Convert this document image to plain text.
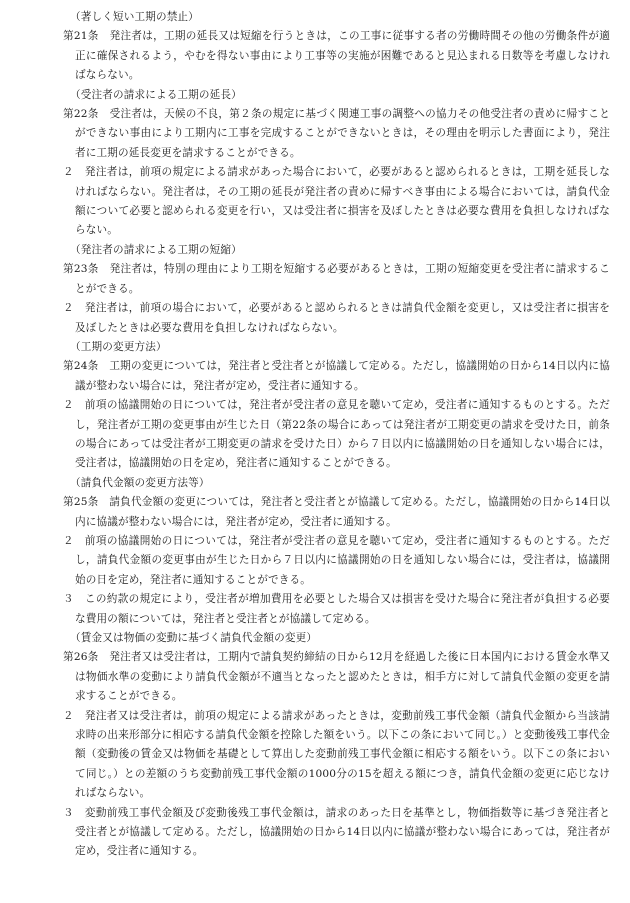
（著しく短い工期の禁止）
第21条　発注者は，工期の延長又は短縮を行うときは，この工事に従事する者の労働時間その他の労働条件が適正に確保されるよう，やむを得ない事由により工事等の実施が困難であると見込まれる日数等を考慮しなければならない。
（受注者の請求による工期の延長）
第22条　受注者は，天候の不良，第２条の規定に基づく関連工事の調整への協力その他受注者の責めに帰すことができない事由により工期内に工事を完成することができないときは，その理由を明示した書面により，発注者に工期の延長変更を請求することができる。
２　発注者は，前項の規定による請求があった場合において，必要があると認められるときは，工期を延長しなければならない。発注者は，その工期の延長が発注者の責めに帰すべき事由による場合においては，請負代金額について必要と認められる変更を行い，又は受注者に損害を及ぼしたときは必要な費用を負担しなければならない。
（発注者の請求による工期の短縮）
第23条　発注者は，特別の理由により工期を短縮する必要があるときは，工期の短縮変更を受注者に請求することができる。
２　発注者は，前項の場合において，必要があると認められるときは請負代金額を変更し，又は受注者に損害を及ぼしたときは必要な費用を負担しなければならない。
（工期の変更方法）
第24条　工期の変更については，発注者と受注者とが協議して定める。ただし，協議開始の日から14日以内に協議が整わない場合には，発注者が定め，受注者に通知する。
２　前項の協議開始の日については，発注者が受注者の意見を聴いて定め，受注者に通知するものとする。ただし，発注者が工期の変更事由が生じた日（第22条の場合にあっては発注者が工期変更の請求を受けた日，前条の場合にあっては受注者が工期変更の請求を受けた日）から７日以内に協議開始の日を通知しない場合には，受注者は，協議開始の日を定め，発注者に通知することができる。
（請負代金額の変更方法等）
第25条　請負代金額の変更については，発注者と受注者とが協議して定める。ただし，協議開始の日から14日以内に協議が整わない場合には，発注者が定め，受注者に通知する。
２　前項の協議開始の日については，発注者が受注者の意見を聴いて定め，受注者に通知するものとする。ただし，請負代金額の変更事由が生じた日から７日以内に協議開始の日を通知しない場合には，受注者は，協議開始の日を定め，発注者に通知することができる。
３　この約款の規定により，受注者が増加費用を必要とした場合又は損害を受けた場合に発注者が負担する必要な費用の額については，発注者と受注者とが協議して定める。
（賃金又は物価の変動に基づく請負代金額の変更）
第26条　発注者又は受注者は，工期内で請負契約締結の日から12月を経過した後に日本国内における賃金水準又は物価水準の変動により請負代金額が不適当となったと認めたときは，相手方に対して請負代金額の変更を請求することができる。
２　発注者又は受注者は，前項の規定による請求があったときは，変動前残工事代金額（請負代金額から当該請求時の出来形部分に相応する請負代金額を控除した額をいう。以下この条において同じ。）と変動後残工事代金額（変動後の賃金又は物価を基礎として算出した変動前残工事代金額に相応する額をいう。以下この条において同じ。）との差額のうち変動前残工事代金額の1000分の15を超える額につき，請負代金額の変更に応じなければならない。
３　変動前残工事代金額及び変動後残工事代金額は，請求のあった日を基準とし，物価指数等に基づき発注者と受注者とが協議して定める。ただし，協議開始の日から14日以内に協議が整わない場合にあっては，発注者が定め，受注者に通知する。
